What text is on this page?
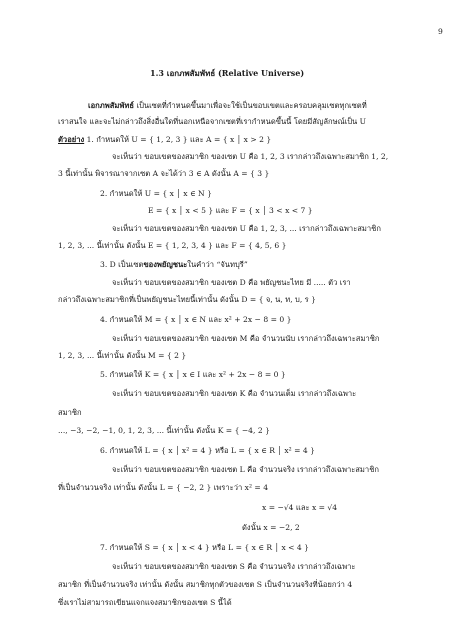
9
1.3 เอกภพสัมพัทธ์ (Relative Universe)
เอกภพสัมพัทธ์ เป็นเซตที่กำหนดขึ้นมาเพื่อจะใช้เป็นขอบเขตและครอบคลุมเซตทุกเซตที่
เราสนใจ และจะไม่กล่าวถึงสิ่งอื่นใดที่นอกเหนือจากเซตที่เรากำหนดขึ้นนี้ โดยมีสัญลักษณ์เป็น U
ตัวอย่าง 1. กำหนดให้ U = { 1, 2, 3 } และ A = { x │ x > 2 }
จะเห็นว่า ขอบเขตของสมาชิก ของเซต U คือ 1, 2, 3 เรากล่าวถึงเฉพาะสมาชิก 1, 2,
3 นี้เท่านั้น พิจารณาจากเซต A จะได้ว่า 3 ∈ A ดังนั้น A = { 3 }
2. กำหนดให้ U = { x │ x ∈ N }
E = { x │ x < 5 } และ F = { x │ 3 < x < 7 }
จะเห็นว่า ขอบเขตของสมาชิก ของเซต U คือ 1, 2, 3, ... เรากล่าวถึงเฉพาะสมาชิก
1, 2, 3, ... นี้เท่านั้น ดังนั้น E = { 1, 2, 3, 4 } และ F = { 4, 5, 6 }
3. D เป็นเซตของพยัญชนะในคำว่า “จันทบุรี”
จะเห็นว่า ขอบเขตของสมาชิก ของเซต D คือ พยัญชนะไทย มี ..... ตัว เรา
กล่าวถึงเฉพาะสมาชิกที่เป็นพยัญชนะไทยนี้เท่านั้น ดังนั้น D = { จ, น, ท, บ, ร }
4. กำหนดให้ M = { x │ x ∈ N และ x² + 2x − 8 = 0 }
จะเห็นว่า ขอบเขตของสมาชิก ของเซต M คือ จำนวนนับ เรากล่าวถึงเฉพาะสมาชิก
1, 2, 3, ... นี้เท่านั้น ดังนั้น M = { 2 }
5. กำหนดให้ K = { x │ x ∈ I และ x² + 2x − 8 = 0 }
จะเห็นว่า ขอบเขตของสมาชิก ของเซต K คือ จำนวนเต็ม เรากล่าวถึงเฉพาะ
สมาชิก
..., −3, −2, −1, 0, 1, 2, 3, ... นี้เท่านั้น ดังนั้น K = { −4, 2 }
6. กำหนดให้ L = { x │ x² = 4 } หรือ L = { x ∈ R │ x² = 4 }
จะเห็นว่า ขอบเขตของสมาชิก ของเซต L คือ จำนวนจริง เรากล่าวถึงเฉพาะสมาชิก
ที่เป็นจำนวนจริง เท่านั้น ดังนั้น L = { −2, 2 } เพราะว่า x² = 4
x = −√4 และ x = √4
ดังนั้น x = −2, 2
7. กำหนดให้ S = { x │ x < 4 } หรือ L = { x ∈ R │ x < 4 }
จะเห็นว่า ขอบเขตของสมาชิก ของเซต S คือ จำนวนจริง เรากล่าวถึงเฉพาะ
สมาชิก ที่เป็นจำนวนจริง เท่านั้น ดังนั้น สมาชิกทุกตัวของเซต S เป็นจำนวนจริงที่น้อยกว่า 4
ซึ่งเราไม่สามารถเขียนแจกแจงสมาชิกของเซต S นี้ได้
